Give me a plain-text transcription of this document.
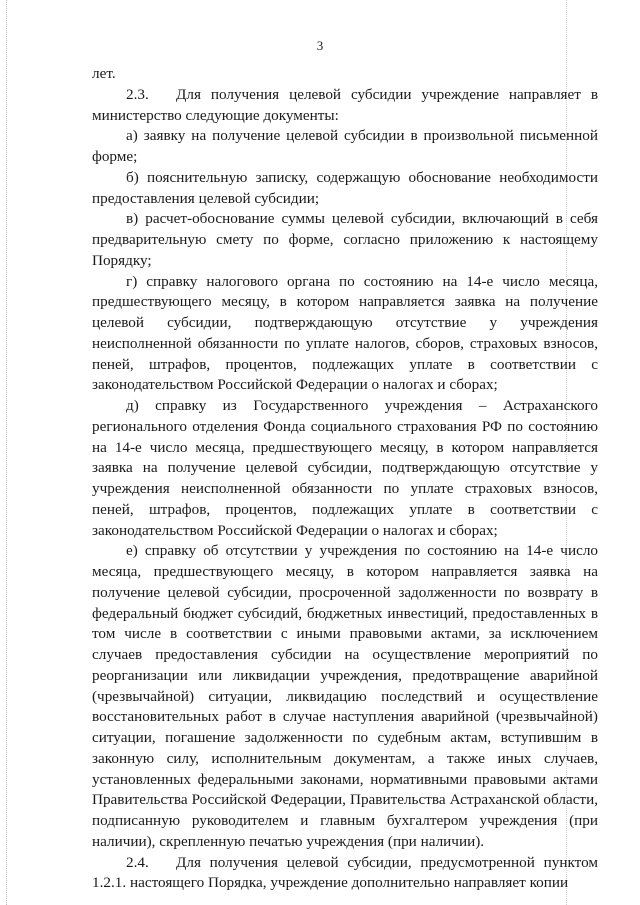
3

лет.

2.3. Для получения целевой субсидии учреждение направляет в министерство следующие документы:

а) заявку на получение целевой субсидии в произвольной письменной форме;

б) пояснительную записку, содержащую обоснование необходимости предоставления целевой субсидии;

в) расчет-обоснование суммы целевой субсидии, включающий в себя предварительную смету по форме, согласно приложению к настоящему Порядку;

г) справку налогового органа по состоянию на 14-е число месяца, предшествующего месяцу, в котором направляется заявка на получение целевой субсидии, подтверждающую отсутствие у учреждения неисполненной обязанности по уплате налогов, сборов, страховых взносов, пеней, штрафов, процентов, подлежащих уплате в соответствии с законодательством Российской Федерации о налогах и сборах;

д) справку из Государственного учреждения – Астраханского регионального отделения Фонда социального страхования РФ по состоянию на 14-е число месяца, предшествующего месяцу, в котором направляется заявка на получение целевой субсидии, подтверждающую отсутствие у учреждения неисполненной обязанности по уплате страховых взносов, пеней, штрафов, процентов, подлежащих уплате в соответствии с законодательством Российской Федерации о налогах и сборах;

е) справку об отсутствии у учреждения по состоянию на 14-е число месяца, предшествующего месяцу, в котором направляется заявка на получение целевой субсидии, просроченной задолженности по возврату в федеральный бюджет субсидий, бюджетных инвестиций, предоставленных в том числе в соответствии с иными правовыми актами, за исключением случаев предоставления субсидии на осуществление мероприятий по реорганизации или ликвидации учреждения, предотвращение аварийной (чрезвычайной) ситуации, ликвидацию последствий и осуществление восстановительных работ в случае наступления аварийной (чрезвычайной) ситуации, погашение задолженности по судебным актам, вступившим в законную силу, исполнительным документам, а также иных случаев, установленных федеральными законами, нормативными правовыми актами Правительства Российской Федерации, Правительства Астраханской области, подписанную руководителем и главным бухгалтером учреждения (при наличии), скрепленную печатью учреждения (при наличии).

2.4. Для получения целевой субсидии, предусмотренной пунктом 1.2.1. настоящего Порядка, учреждение дополнительно направляет копии
